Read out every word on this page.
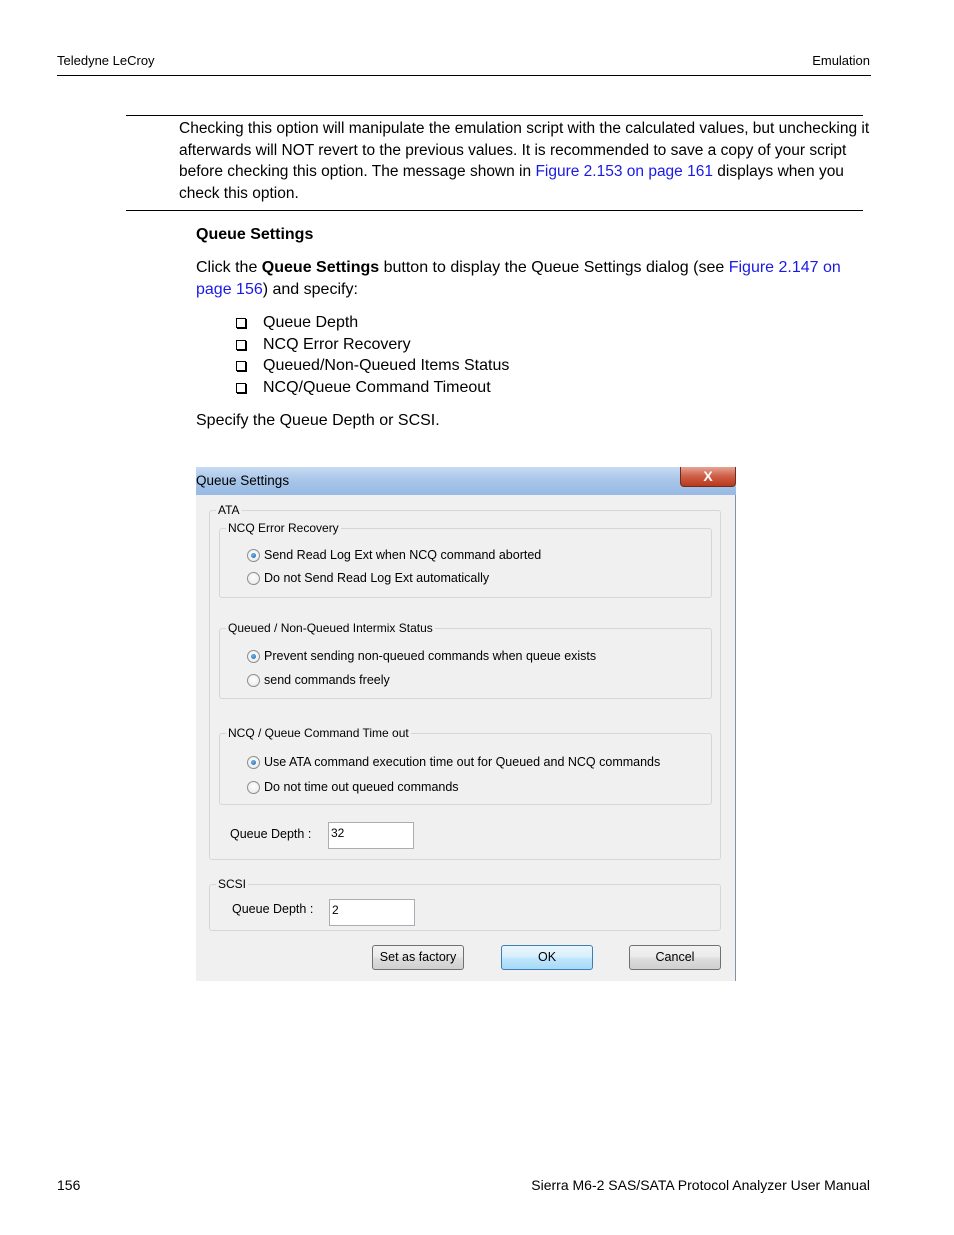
Teledyne LeCroy	Emulation
Checking this option will manipulate the emulation script with the calculated values, but unchecking it afterwards will NOT revert to the previous values. It is recommended to save a copy of your script before checking this option. The message shown in Figure 2.153 on page 161 displays when you check this option.
Queue Settings
Click the Queue Settings button to display the Queue Settings dialog (see Figure 2.147 on page 156) and specify:
Queue Depth
NCQ Error Recovery
Queued/Non-Queued Items Status
NCQ/Queue Command Timeout
Specify the Queue Depth or SCSI.
Queue Settings	X
ATA
NCQ Error Recovery
Send Read Log Ext when NCQ command aborted
Do not Send Read Log Ext automatically
Queued / Non-Queued Intermix Status
Prevent sending non-queued commands when queue exists
send commands freely
NCQ / Queue Command Time out
Use ATA command execution time out for Queued and NCQ commands
Do not time out queued commands
Queue Depth : 32
SCSI
Queue Depth : 2
Set as factory	OK	Cancel
156	Sierra M6-2 SAS/SATA Protocol Analyzer User Manual
